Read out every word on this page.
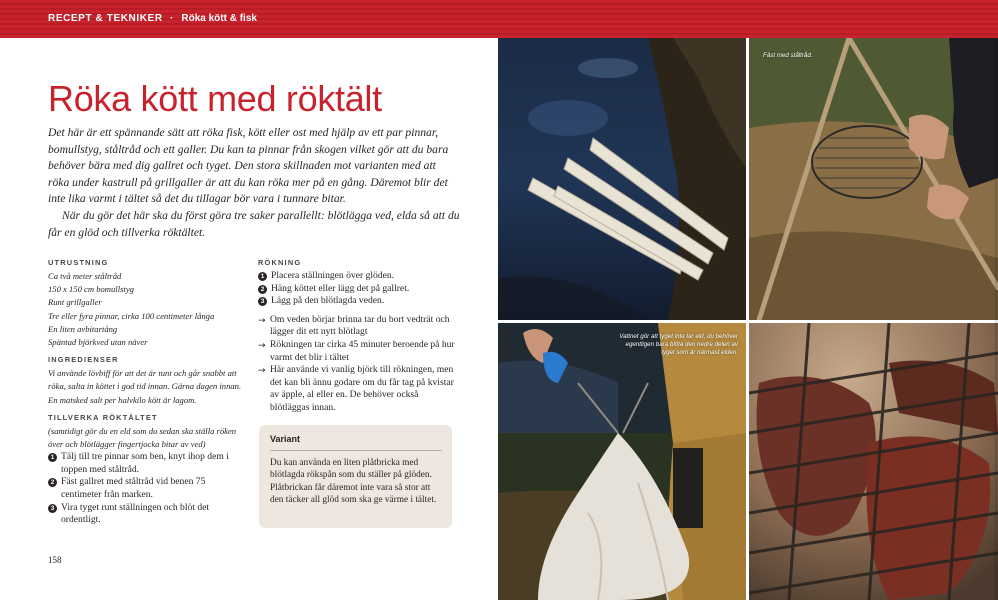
RECEPT & TEKNIKER · Röka kött & fisk
Röka kött med röktält

Det här är ett spännande sätt att röka fisk, kött eller ost med hjälp av ett par pinnar, bomullstyg, ståltråd och ett galler. Du kan ta pinnar från skogen vilket gör att du bara behöver bära med dig gallret och tyget. Den stora skillnaden mot varianten med att röka under kastrull på grillgaller är att du kan röka mer på en gång. Däremot blir det inte lika varmt i tältet så det du tillagar bör vara i tunnare bitar.

När du gör det här ska du först göra tre saker parallellt: blötlägga ved, elda så att du får en glöd och tillverka röktältet.

UTRUSTNING
Ca två meter ståltråd
150 x 150 cm bomullstyg
Runt grillgaller
Tre eller fyra pinnar, cirka 100 centimeter långa
En liten avbitartång
Späntad björkved utan näver
INGREDIENSER

Vi använde lövbiff för att det är tunt och går snabbt att röka, salta in köttet i god tid innan. Gärna dagen innan. En matsked salt per halvkilo kött är lagom.

TILLVERKA RÖKTÄLTET

(samtidigt gör du en eld som du sedan ska ställa röken över och blötlägger fingertjocka bitar av ved)

1 Tälj till tre pinnar som ben, knyt ihop dem i toppen med ståltråd.
2 Fäst gallret med ståltråd vid benen 75 centimeter från marken.
3 Vira tyget runt ställningen och blöt det ordentligt.
RÖKNING
1 Placera ställningen över glöden.
2 Häng köttet eller lägg det på gallret.
3 Lägg på den blötlagda veden.
→ Om veden börjar brinna tar du bort vedträt och lägger dit ett nytt blötlagt
→ Rökningen tar cirka 45 minuter beroende på hur varmt det blir i tältet
→ Här använde vi vanlig björk till rökningen, men det kan bli ännu godare om du får tag på kvistar av äpple, al eller en. De behöver också blötläggas innan.
Variant

Du kan använda en liten plåtbricka med blötlagda rökspån som du ställer på glöden. Plåtbrickan får däremot inte vara så stor att den täcker all glöd som ska ge värme i tältet.

158
Fäst med ståltråd.
Vattnet gör att tyget inte tar eld, du behöver egentligen bara blöta den nedre delen av tyget som är närmast elden.
